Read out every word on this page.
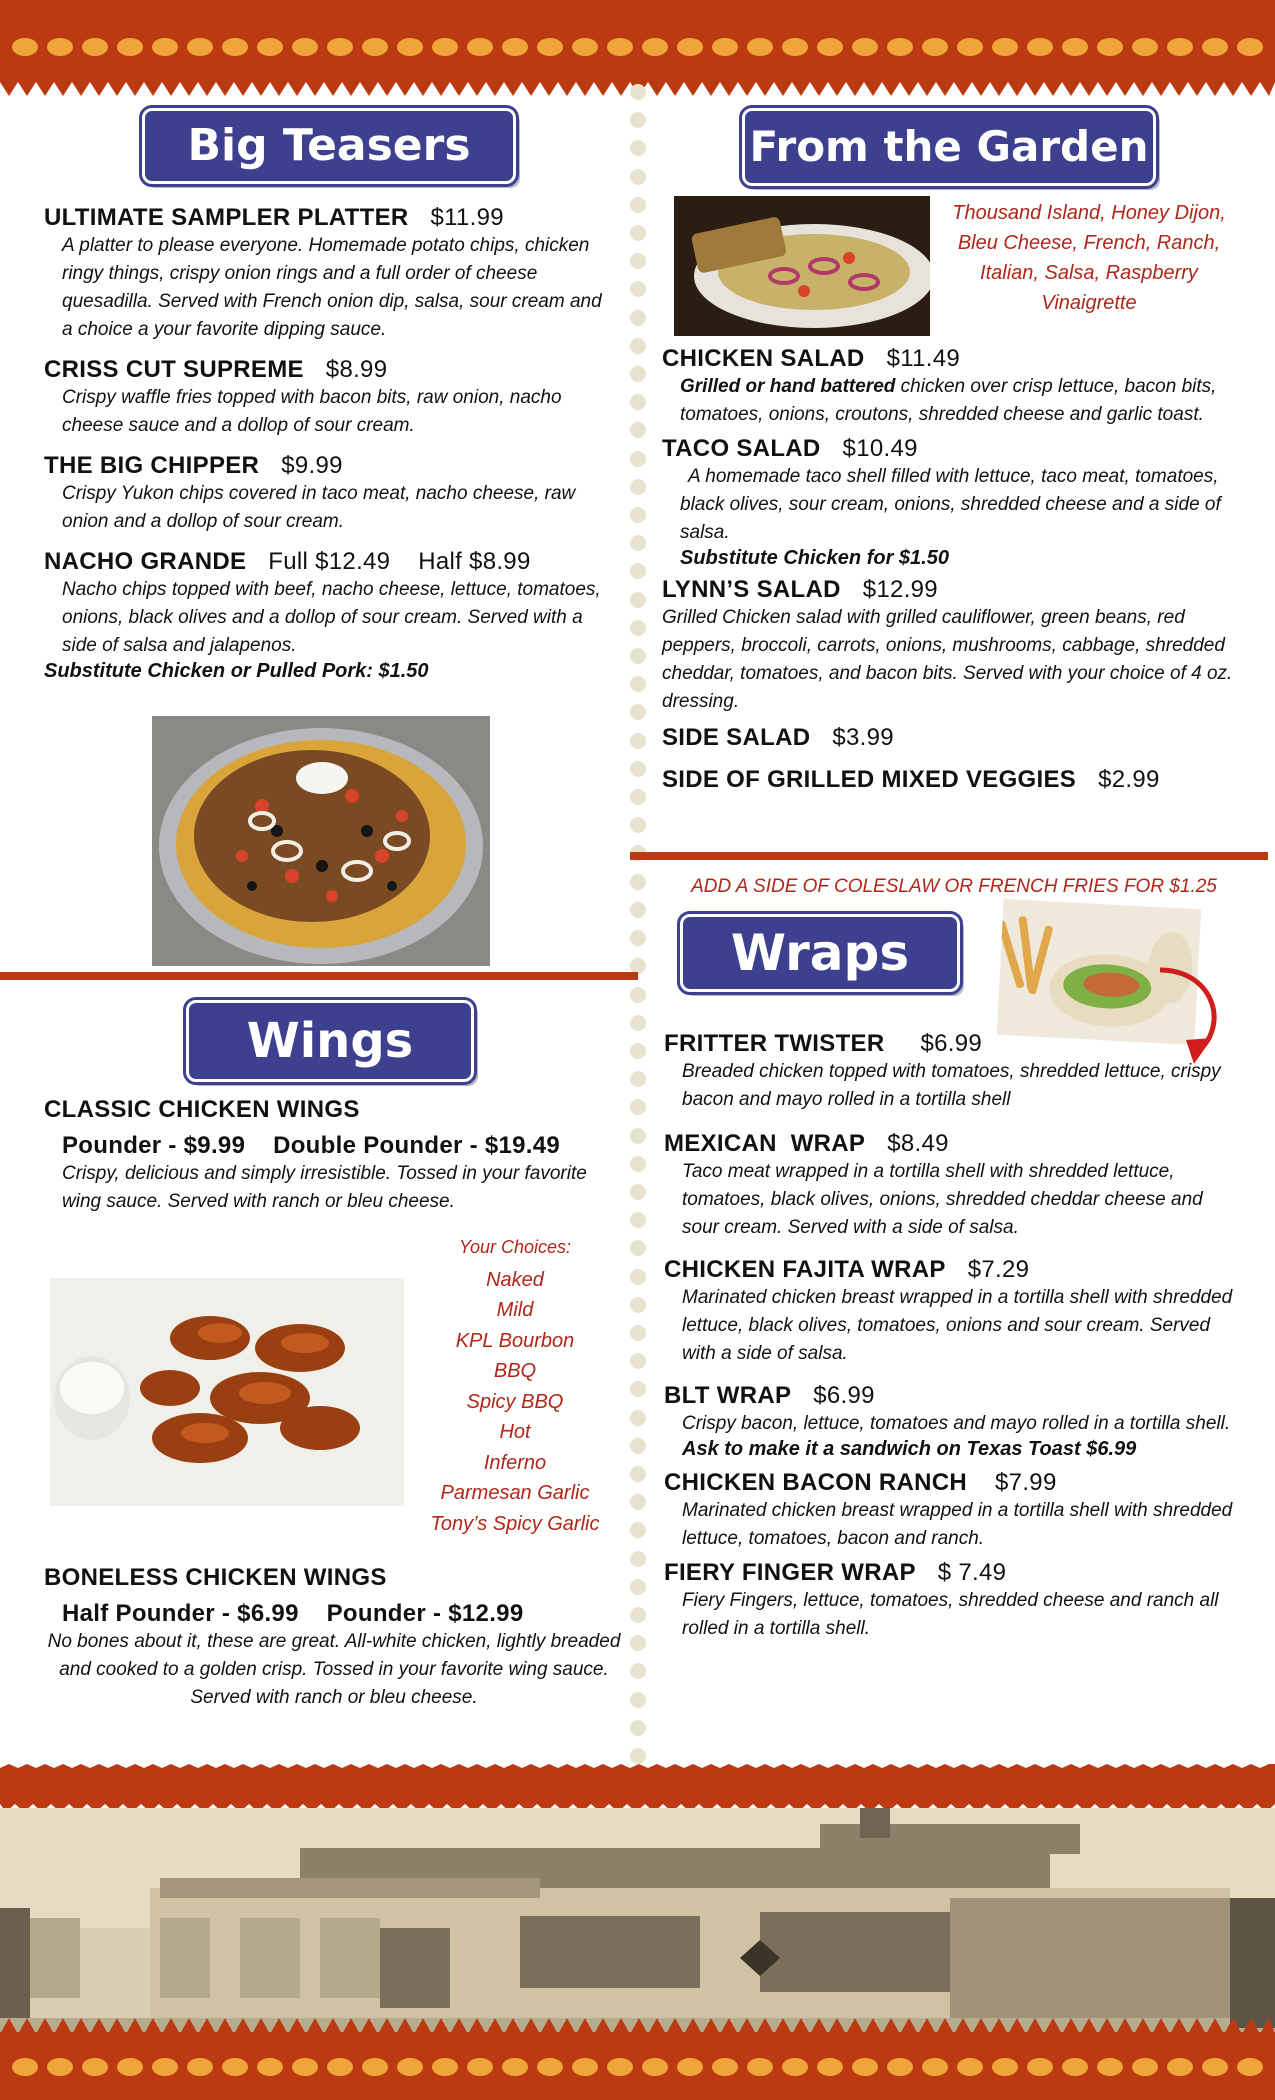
Big Teasers
ULTIMATE SAMPLER PLATTER $11.99
A platter to please everyone. Homemade potato chips, chicken ringy things, crispy onion rings and a full order of cheese quesadilla. Served with French onion dip, salsa, sour cream and a choice a your favorite dipping sauce.
CRISS CUT SUPREME $8.99
Crispy waffle fries topped with bacon bits, raw onion, nacho cheese sauce and a dollop of sour cream.
THE BIG CHIPPER $9.99
Crispy Yukon chips covered in taco meat, nacho cheese, raw onion and a dollop of sour cream.
NACHO GRANDE Full $12.49    Half $8.99
Nacho chips topped with beef, nacho cheese, lettuce, tomatoes, onions, black olives and a dollop of sour cream. Served with a side of salsa and jalapenos.
Substitute Chicken or Pulled Pork: $1.50
Wings
CLASSIC CHICKEN WINGS
Pounder - $9.99    Double Pounder - $19.49
Crispy, delicious and simply irresistible. Tossed in your favorite wing sauce. Served with ranch or bleu cheese.
Your Choices:
Naked
Mild
KPL Bourbon
BBQ
Spicy BBQ
Hot
Inferno
Parmesan Garlic
Tony’s Spicy Garlic
BONELESS CHICKEN WINGS
Half Pounder - $6.99    Pounder - $12.99
No bones about it, these are great. All-white chicken, lightly breaded and cooked to a golden crisp. Tossed in your favorite wing sauce. Served with ranch or bleu cheese.
From the Garden
Thousand Island, Honey Dijon, Bleu Cheese, French, Ranch, Italian, Salsa, Raspberry Vinaigrette
CHICKEN SALAD $11.49
Grilled or hand battered chicken over crisp lettuce, bacon bits, tomatoes, onions, croutons, shredded cheese and garlic toast.
TACO SALAD $10.49
A homemade taco shell filled with lettuce, taco meat, tomatoes, black olives, sour cream, onions, shredded cheese and a side of salsa.
Substitute Chicken for $1.50
LYNN’S SALAD $12.99
Grilled Chicken salad with grilled cauliflower, green beans, red peppers, broccoli, carrots, onions, mushrooms, cabbage, shredded cheddar, tomatoes, and bacon bits. Served with your choice of 4 oz. dressing.
SIDE SALAD $3.99
SIDE OF GRILLED MIXED VEGGIES $2.99
ADD A SIDE OF COLESLAW OR FRENCH FRIES FOR $1.25
Wraps
FRITTER TWISTER $6.99
Breaded chicken topped with tomatoes, shredded lettuce, crispy bacon and mayo rolled in a tortilla shell
MEXICAN  WRAP $8.49
Taco meat wrapped in a tortilla shell with shredded lettuce, tomatoes, black olives, onions, shredded cheddar cheese and sour cream. Served with a side of salsa.
CHICKEN FAJITA WRAP $7.29
Marinated chicken breast wrapped in a tortilla shell with shredded lettuce, black olives, tomatoes, onions and sour cream. Served with a side of salsa.
BLT WRAP $6.99
Crispy bacon, lettuce, tomatoes and mayo rolled in a tortilla shell.
Ask to make it a sandwich on Texas Toast $6.99
CHICKEN BACON RANCH $7.99
Marinated chicken breast wrapped in a tortilla shell with shredded lettuce, tomatoes, bacon and ranch.
FIERY FINGER WRAP $ 7.49
Fiery Fingers, lettuce, tomatoes, shredded cheese and ranch all rolled in a tortilla shell.
